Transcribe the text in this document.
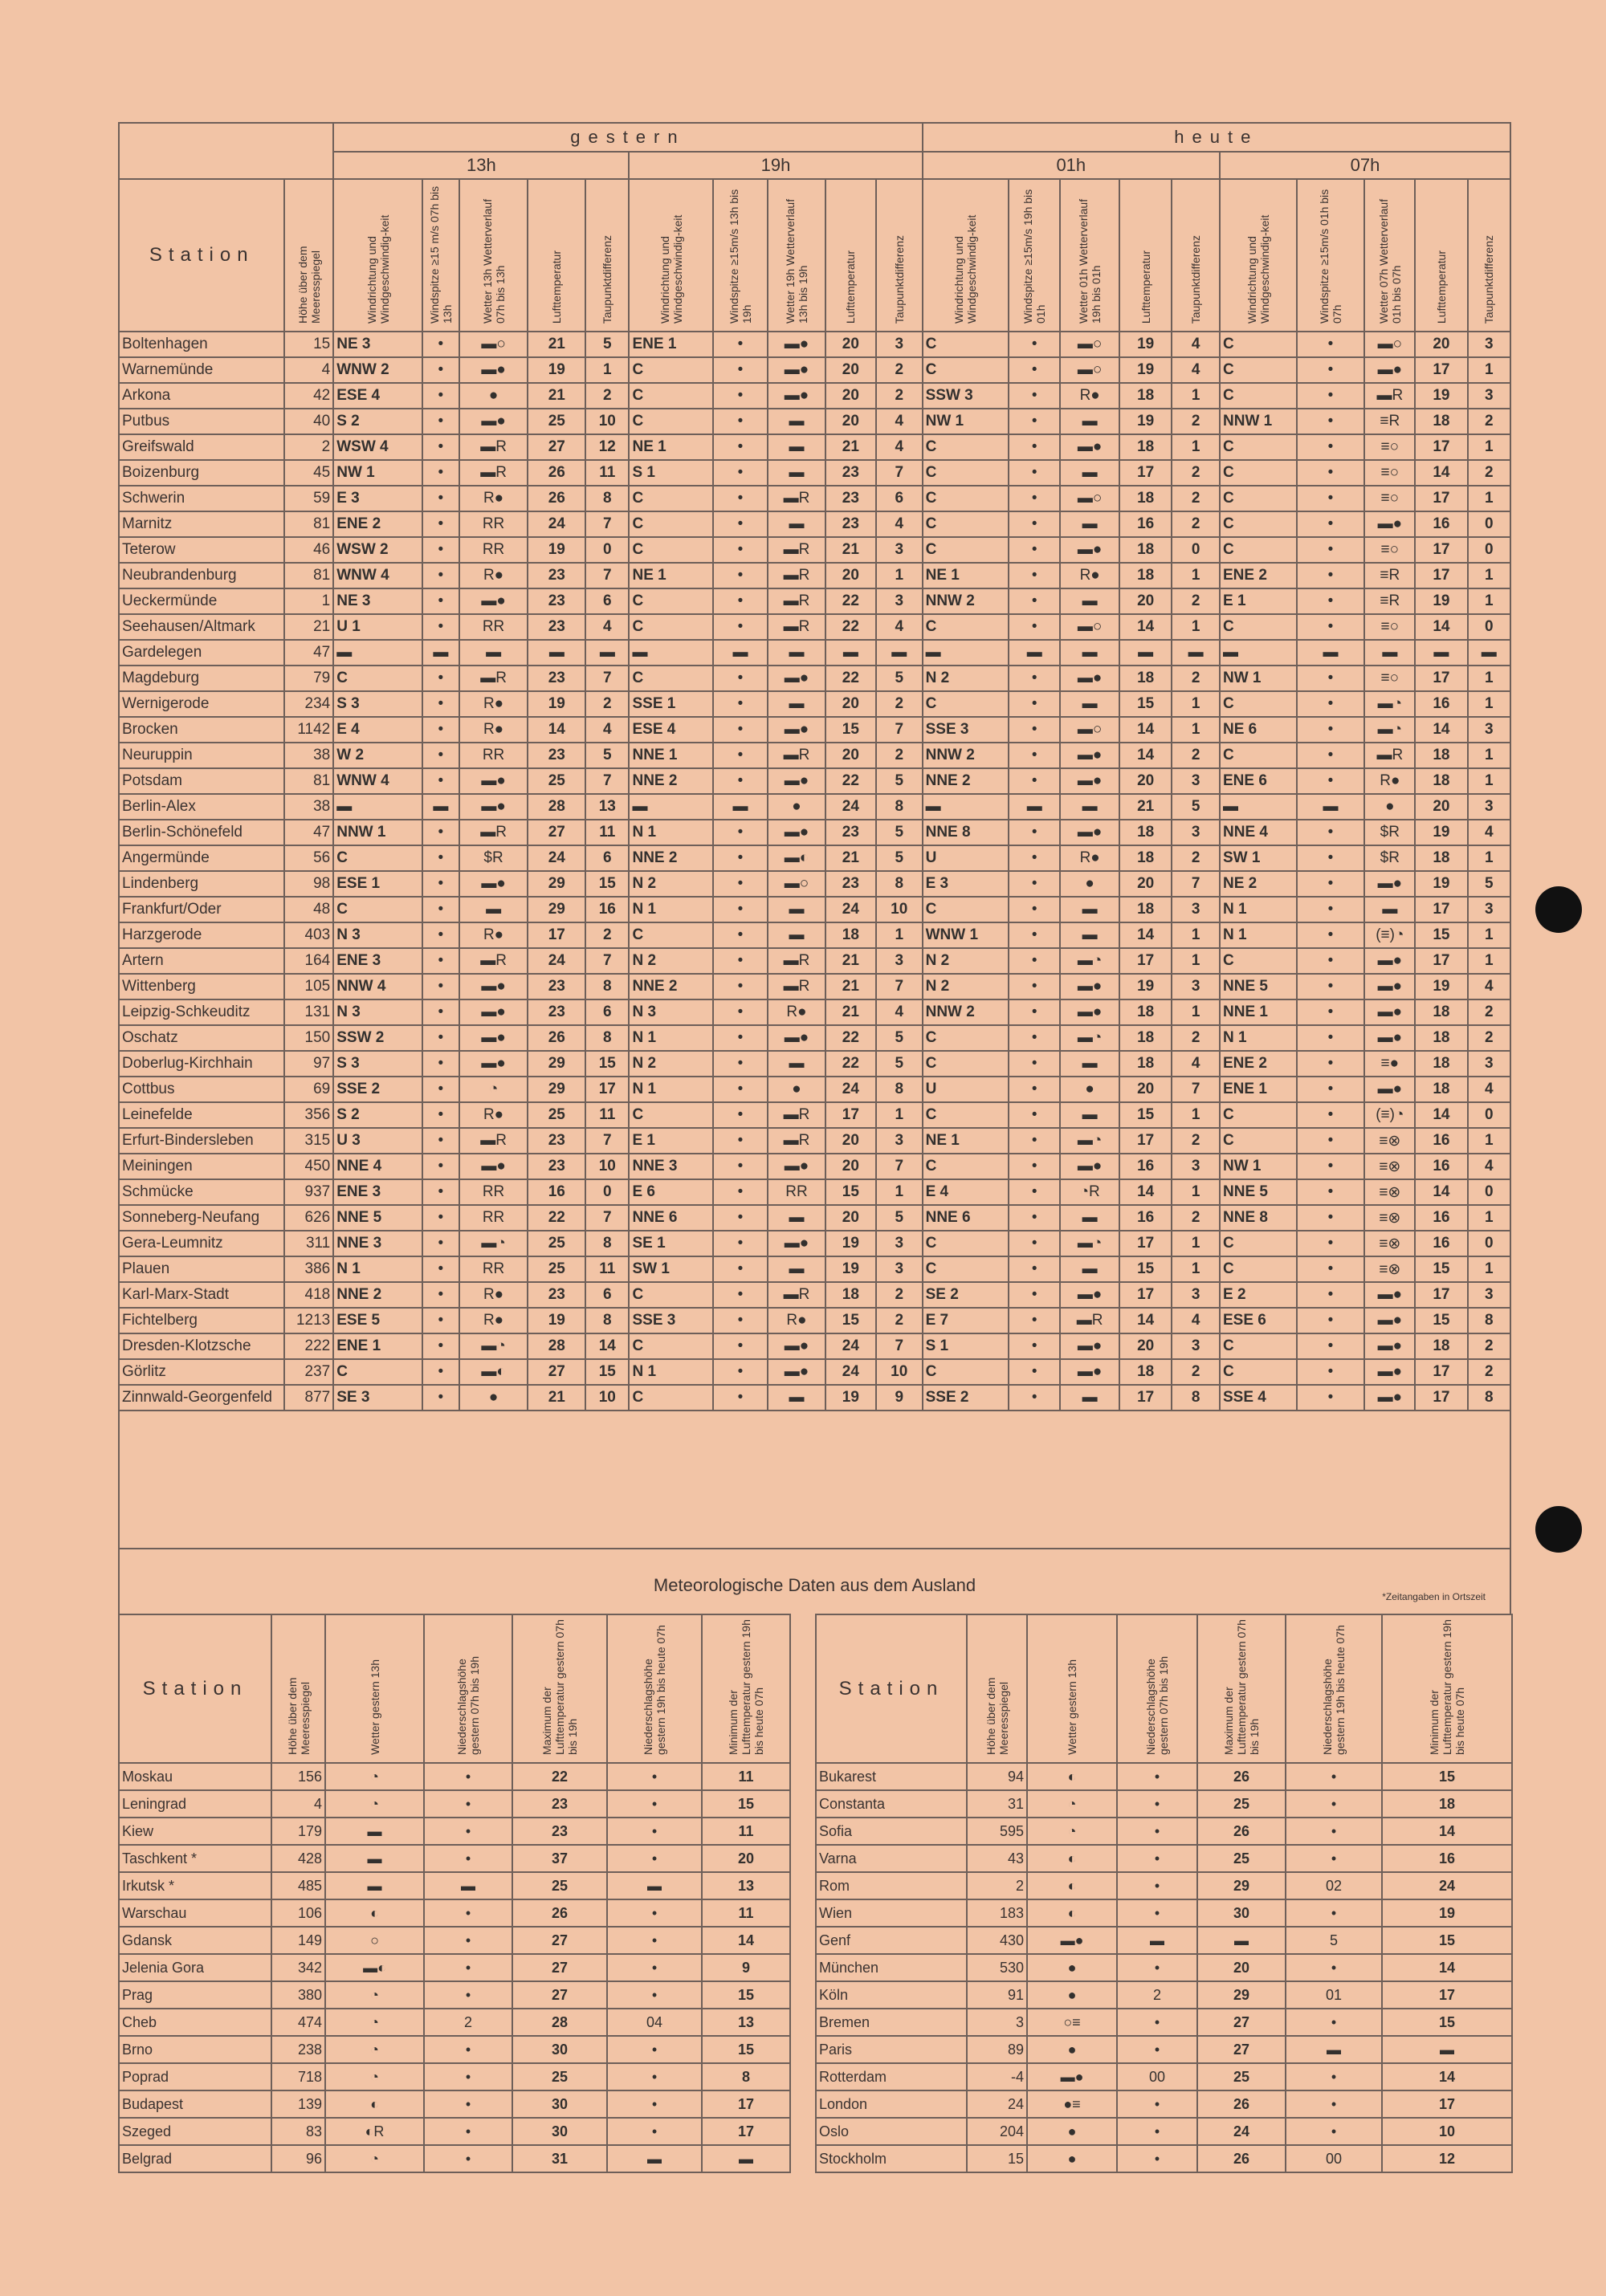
		gestern										heute									
		13h					19h					01h					07h				
Station	Höhe über dem Meeresspiegel	Windrichtung und Windgeschwindig-keit	Windspitze ≥15 m/s 07h bis 13h	Wetter 13h Wetterverlauf 07h bis 13h	Lufttemperatur	Taupunktdifferenz	Windrichtung und Windgeschwindig-keit	Windspitze ≥15m/s 13h bis 19h	Wetter 19h Wetterverlauf 13h bis 19h	Lufttemperatur	Taupunktdifferenz	Windrichtung und Windgeschwindig-keit	Windspitze ≥15m/s 19h bis 01h	Wetter 01h Wetterverlauf 19h bis 01h	Lufttemperatur	Taupunktdifferenz	Windrichtung und Windgeschwindig-keit	Windspitze ≥15m/s 01h bis 07h	Wetter 07h Wetterverlauf 01h bis 07h	Lufttemperatur	Taupunktdifferenz
Boltenhagen	15	NE 3	•	▬○	21	5	ENE 1	•	▬●	20	3	C	•	▬○	19	4	C	•	▬○	20	3
Warnemünde	4	WNW 2	•	▬●	19	1	C	•	▬●	20	2	C	•	▬○	19	4	C	•	▬●	17	1
Arkona	42	ESE 4	•	●	21	2	C	•	▬●	20	2	SSW 3	•	R●	18	1	C	•	▬R	19	3
Putbus	40	S 2	•	▬●	25	10	C	•	▬	20	4	NW 1	•	▬	19	2	NNW 1	•	≡R	18	2
Greifswald	2	WSW 4	•	▬R	27	12	NE 1	•	▬	21	4	C	•	▬●	18	1	C	•	≡○	17	1
Boizenburg	45	NW 1	•	▬R	26	11	S 1	•	▬	23	7	C	•	▬	17	2	C	•	≡○	14	2
Schwerin	59	E 3	•	R●	26	8	C	•	▬R	23	6	C	•	▬○	18	2	C	•	≡○	17	1
Marnitz	81	ENE 2	•	RR	24	7	C	•	▬	23	4	C	•	▬	16	2	C	•	▬●	16	0
Teterow	46	WSW 2	•	RR	19	0	C	•	▬R	21	3	C	•	▬●	18	0	C	•	≡○	17	0
Neubrandenburg	81	WNW 4	•	R●	23	7	NE 1	•	▬R	20	1	NE 1	•	R●	18	1	ENE 2	•	≡R	17	1
Ueckermünde	1	NE 3	•	▬●	23	6	C	•	▬R	22	3	NNW 2	•	▬	20	2	E 1	•	≡R	19	1
Seehausen/Altmark	21	U 1	•	RR	23	4	C	•	▬R	22	4	C	•	▬○	14	1	C	•	≡○	14	0
Gardelegen	47	▬	▬	▬	▬	▬	▬	▬	▬	▬	▬	▬	▬	▬	▬	▬	▬	▬	▬	▬	▬
Magdeburg	79	C	•	▬R	23	7	C	•	▬●	22	5	N 2	•	▬●	18	2	NW 1	•	≡○	17	1
Wernigerode	234	S 3	•	R●	19	2	SSE 1	•	▬	20	2	C	•	▬	15	1	C	•	▬◔	16	1
Brocken	1142	E 4	•	R●	14	4	ESE 4	•	▬●	15	7	SSE 3	•	▬○	14	1	NE 6	•	▬◔	14	3
Neuruppin	38	W 2	•	RR	23	5	NNE 1	•	▬R	20	2	NNW 2	•	▬●	14	2	C	•	▬R	18	1
Potsdam	81	WNW 4	•	▬●	25	7	NNE 2	•	▬●	22	5	NNE 2	•	▬●	20	3	ENE 6	•	R●	18	1
Berlin-Alex	38	▬	▬	▬●	28	13	▬	▬	●	24	8	▬	▬	▬	21	5	▬	▬	●	20	3
Berlin-Schönefeld	47	NNW 1	•	▬R	27	11	N 1	•	▬●	23	5	NNE 8	•	▬●	18	3	NNE 4	•	$R	19	4
Angermünde	56	C	•	$R	24	6	NNE 2	•	▬◐	21	5	U	•	R●	18	2	SW 1	•	$R	18	1
Lindenberg	98	ESE 1	•	▬●	29	15	N 2	•	▬○	23	8	E 3	•	●	20	7	NE 2	•	▬●	19	5
Frankfurt/Oder	48	C	•	▬	29	16	N 1	•	▬	24	10	C	•	▬	18	3	N 1	•	▬	17	3
Harzgerode	403	N 3	•	R●	17	2	C	•	▬	18	1	WNW 1	•	▬	14	1	N 1	•	(≡)◔	15	1
Artern	164	ENE 3	•	▬R	24	7	N 2	•	▬R	21	3	N 2	•	▬◔	17	1	C	•	▬●	17	1
Wittenberg	105	NNW 4	•	▬●	23	8	NNE 2	•	▬R	21	7	N 2	•	▬●	19	3	NNE 5	•	▬●	19	4
Leipzig-Schkeuditz	131	N 3	•	▬●	23	6	N 3	•	R●	21	4	NNW 2	•	▬●	18	1	NNE 1	•	▬●	18	2
Oschatz	150	SSW 2	•	▬●	26	8	N 1	•	▬●	22	5	C	•	▬◔	18	2	N 1	•	▬●	18	2
Doberlug-Kirchhain	97	S 3	•	▬●	29	15	N 2	•	▬	22	5	C	•	▬	18	4	ENE 2	•	≡●	18	3
Cottbus	69	SSE 2	•	◔	29	17	N 1	•	●	24	8	U	•	●	20	7	ENE 1	•	▬●	18	4
Leinefelde	356	S 2	•	R●	25	11	C	•	▬R	17	1	C	•	▬	15	1	C	•	(≡)◔	14	0
Erfurt-Bindersleben	315	U 3	•	▬R	23	7	E 1	•	▬R	20	3	NE 1	•	▬◔	17	2	C	•	≡⊗	16	1
Meiningen	450	NNE 4	•	▬●	23	10	NNE 3	•	▬●	20	7	C	•	▬●	16	3	NW 1	•	≡⊗	16	4
Schmücke	937	ENE 3	•	RR	16	0	E 6	•	RR	15	1	E 4	•	◔R	14	1	NNE 5	•	≡⊗	14	0
Sonneberg-Neufang	626	NNE 5	•	RR	22	7	NNE 6	•	▬	20	5	NNE 6	•	▬	16	2	NNE 8	•	≡⊗	16	1
Gera-Leumnitz	311	NNE 3	•	▬◔	25	8	SE 1	•	▬●	19	3	C	•	▬◔	17	1	C	•	≡⊗	16	0
Plauen	386	N 1	•	RR	25	11	SW 1	•	▬	19	3	C	•	▬	15	1	C	•	≡⊗	15	1
Karl-Marx-Stadt	418	NNE 2	•	R●	23	6	C	•	▬R	18	2	SE 2	•	▬●	17	3	E 2	•	▬●	17	3
Fichtelberg	1213	ESE 5	•	R●	19	8	SSE 3	•	R●	15	2	E 7	•	▬R	14	4	ESE 6	•	▬●	15	8
Dresden-Klotzsche	222	ENE 1	•	▬◔	28	14	C	•	▬●	24	7	S 1	•	▬●	20	3	C	•	▬●	18	2
Görlitz	237	C	•	▬◐	27	15	N 1	•	▬●	24	10	C	•	▬●	18	2	C	•	▬●	17	2
Zinnwald-Georgenfeld	877	SE 3	•	●	21	10	C	•	▬	19	9	SSE 2	•	▬	17	8	SSE 4	•	▬●	17	8

Meteorologische Daten aus dem Ausland
*Zeitangaben in Ortszeit
Station	Höhe über dem Meeresspiegel	Wetter gestern 13h	Niederschlagshöhe gestern 07h bis 19h	Maximum der Lufttemperatur gestern 07h bis 19h	Niederschlagshöhe gestern 19h bis heute 07h	Minimum der Lufttemperatur gestern 19h bis heute 07h		Station	Höhe über dem Meeresspiegel	Wetter gestern 13h	Niederschlagshöhe gestern 07h bis 19h	Maximum der Lufttemperatur gestern 07h bis 19h	Niederschlagshöhe gestern 19h bis heute 07h	Minimum der Lufttemperatur gestern 19h bis heute 07h
Moskau	156	◔	•	22	•	11		Bukarest	94	◐	•	26	•	15
Leningrad	4	◔	•	23	•	15		Constanta	31	◔	•	25	•	18
Kiew	179	▬	•	23	•	11		Sofia	595	◔	•	26	•	14
Taschkent *	428	▬	•	37	•	20		Varna	43	◐	•	25	•	16
Irkutsk *	485	▬	▬	25	▬	13		Rom	2	◐	•	29	02	24
Warschau	106	◐	•	26	•	11		Wien	183	◐	•	30	•	19
Gdansk	149	○	•	27	•	14		Genf	430	▬●	▬	▬	5	15
Jelenia Gora	342	▬◐	•	27	•	9		München	530	●	•	20	•	14
Prag	380	◔	•	27	•	15		Köln	91	●	2	29	01	17
Cheb	474	◔	2	28	04	13		Bremen	3	○≡	•	27	•	15
Brno	238	◔	•	30	•	15		Paris	89	●	•	27	▬	▬
Poprad	718	◔	•	25	•	8		Rotterdam	-4	▬●	00	25	•	14
Budapest	139	◐	•	30	•	17		London	24	●≡	•	26	•	17
Szeged	83	◐R	•	30	•	17		Oslo	204	●	•	24	•	10
Belgrad	96	◔	•	31	▬	▬		Stockholm	15	●	•	26	00	12
